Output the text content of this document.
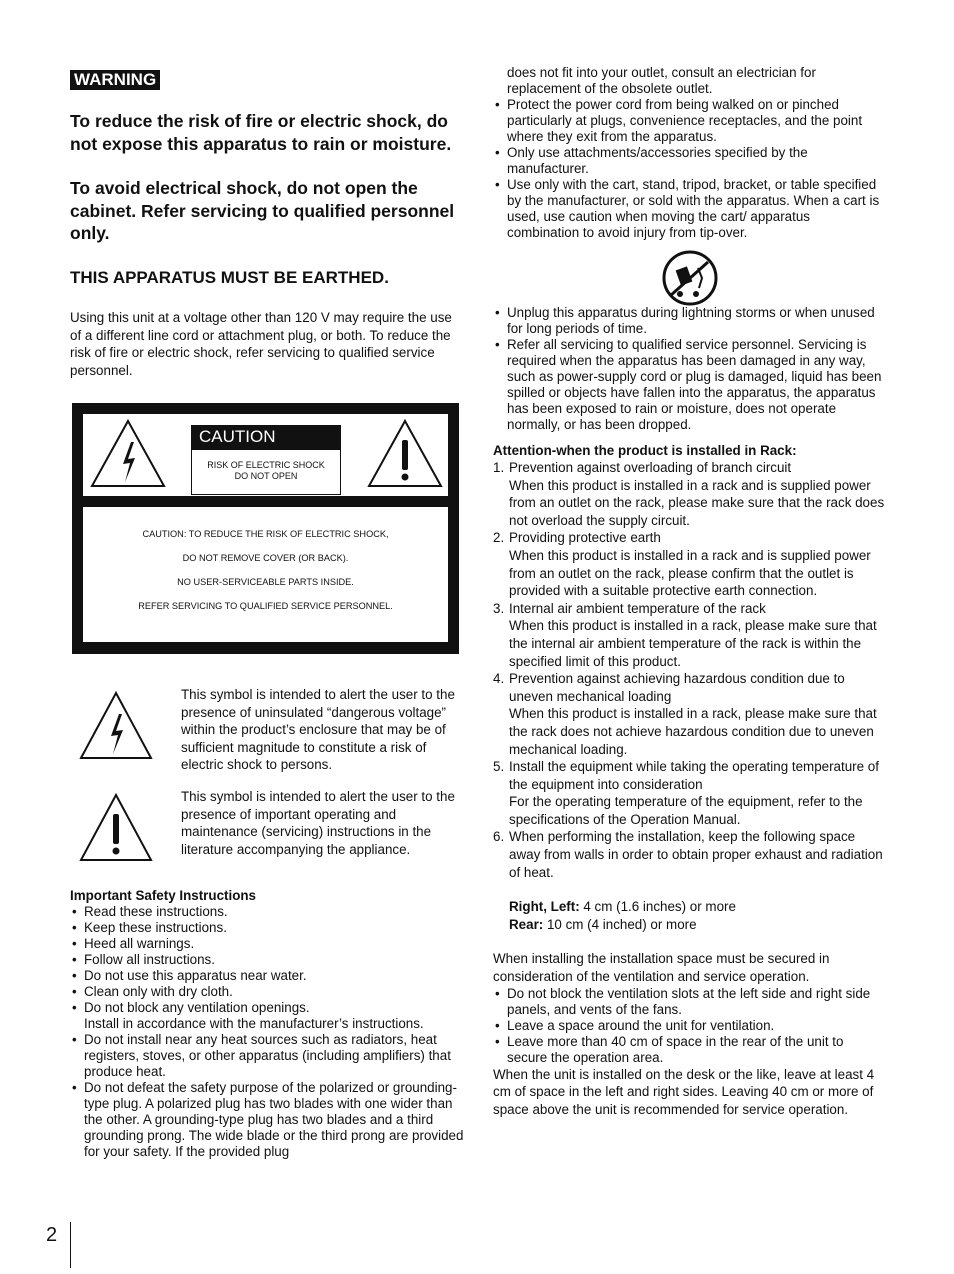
WARNING

To reduce the risk of fire or electric shock, do not expose this apparatus to rain or moisture.

To avoid electrical shock, do not open the cabinet. Refer servicing to qualified personnel only.

THIS APPARATUS MUST BE EARTHED.

Using this unit at a voltage other than 120 V may require the use of a different line cord or attachment plug, or both. To reduce the risk of fire or electric shock, refer servicing to qualified service personnel.

CAUTION
RISK OF ELECTRIC SHOCK
DO NOT OPEN
CAUTION: TO REDUCE THE RISK OF ELECTRIC SHOCK,
DO NOT REMOVE COVER (OR BACK).
NO USER-SERVICEABLE PARTS INSIDE.
REFER SERVICING TO QUALIFIED SERVICE PERSONNEL.

This symbol is intended to alert the user to the presence of uninsulated “dangerous voltage” within the product’s enclosure that may be of sufficient magnitude to constitute a risk of electric shock to persons.

This symbol is intended to alert the user to the presence of important operating and maintenance (servicing) instructions in the literature accompanying the appliance.

Important Safety Instructions
• Read these instructions.
• Keep these instructions.
• Heed all warnings.
• Follow all instructions.
• Do not use this apparatus near water.
• Clean only with dry cloth.
• Do not block any ventilation openings.
Install in accordance with the manufacturer’s instructions.
• Do not install near any heat sources such as radiators, heat registers, stoves, or other apparatus (including amplifiers) that produce heat.
• Do not defeat the safety purpose of the polarized or grounding-type plug. A polarized plug has two blades with one wider than the other. A grounding-type plug has two blades and a third grounding prong. The wide blade or the third prong are provided for your safety. If the provided plug
does not fit into your outlet, consult an electrician for replacement of the obsolete outlet.
• Protect the power cord from being walked on or pinched particularly at plugs, convenience receptacles, and the point where they exit from the apparatus.
• Only use attachments/accessories specified by the manufacturer.
• Use only with the cart, stand, tripod, bracket, or table specified by the manufacturer, or sold with the apparatus. When a cart is used, use caution when moving the cart/ apparatus combination to avoid injury from tip-over.
• Unplug this apparatus during lightning storms or when unused for long periods of time.
• Refer all servicing to qualified service personnel. Servicing is required when the apparatus has been damaged in any way, such as power-supply cord or plug is damaged, liquid has been spilled or objects have fallen into the apparatus, the apparatus has been exposed to rain or moisture, does not operate normally, or has been dropped.
Attention-when the product is installed in Rack:
1. Prevention against overloading of branch circuit
When this product is installed in a rack and is supplied power from an outlet on the rack, please make sure that the rack does not overload the supply circuit.
2. Providing protective earth
When this product is installed in a rack and is supplied power from an outlet on the rack, please confirm that the outlet is provided with a suitable protective earth connection.
3. Internal air ambient temperature of the rack
When this product is installed in a rack, please make sure that the internal air ambient temperature of the rack is within the specified limit of this product.
4. Prevention against achieving hazardous condition due to uneven mechanical loading
When this product is installed in a rack, please make sure that the rack does not achieve hazardous condition due to uneven mechanical loading.
5. Install the equipment while taking the operating temperature of the equipment into consideration
For the operating temperature of the equipment, refer to the specifications of the Operation Manual.
6. When performing the installation, keep the following space away from walls in order to obtain proper exhaust and radiation of heat.
Right, Left: 4 cm (1.6 inches) or more
Rear: 10 cm (4 inched) or more

When installing the installation space must be secured in consideration of the ventilation and service operation.

• Do not block the ventilation slots at the left side and right side panels, and vents of the fans.
• Leave a space around the unit for ventilation.
• Leave more than 40 cm of space in the rear of the unit to secure the operation area.

When the unit is installed on the desk or the like, leave at least 4 cm of space in the left and right sides. Leaving 40 cm or more of space above the unit is recommended for service operation.

2
